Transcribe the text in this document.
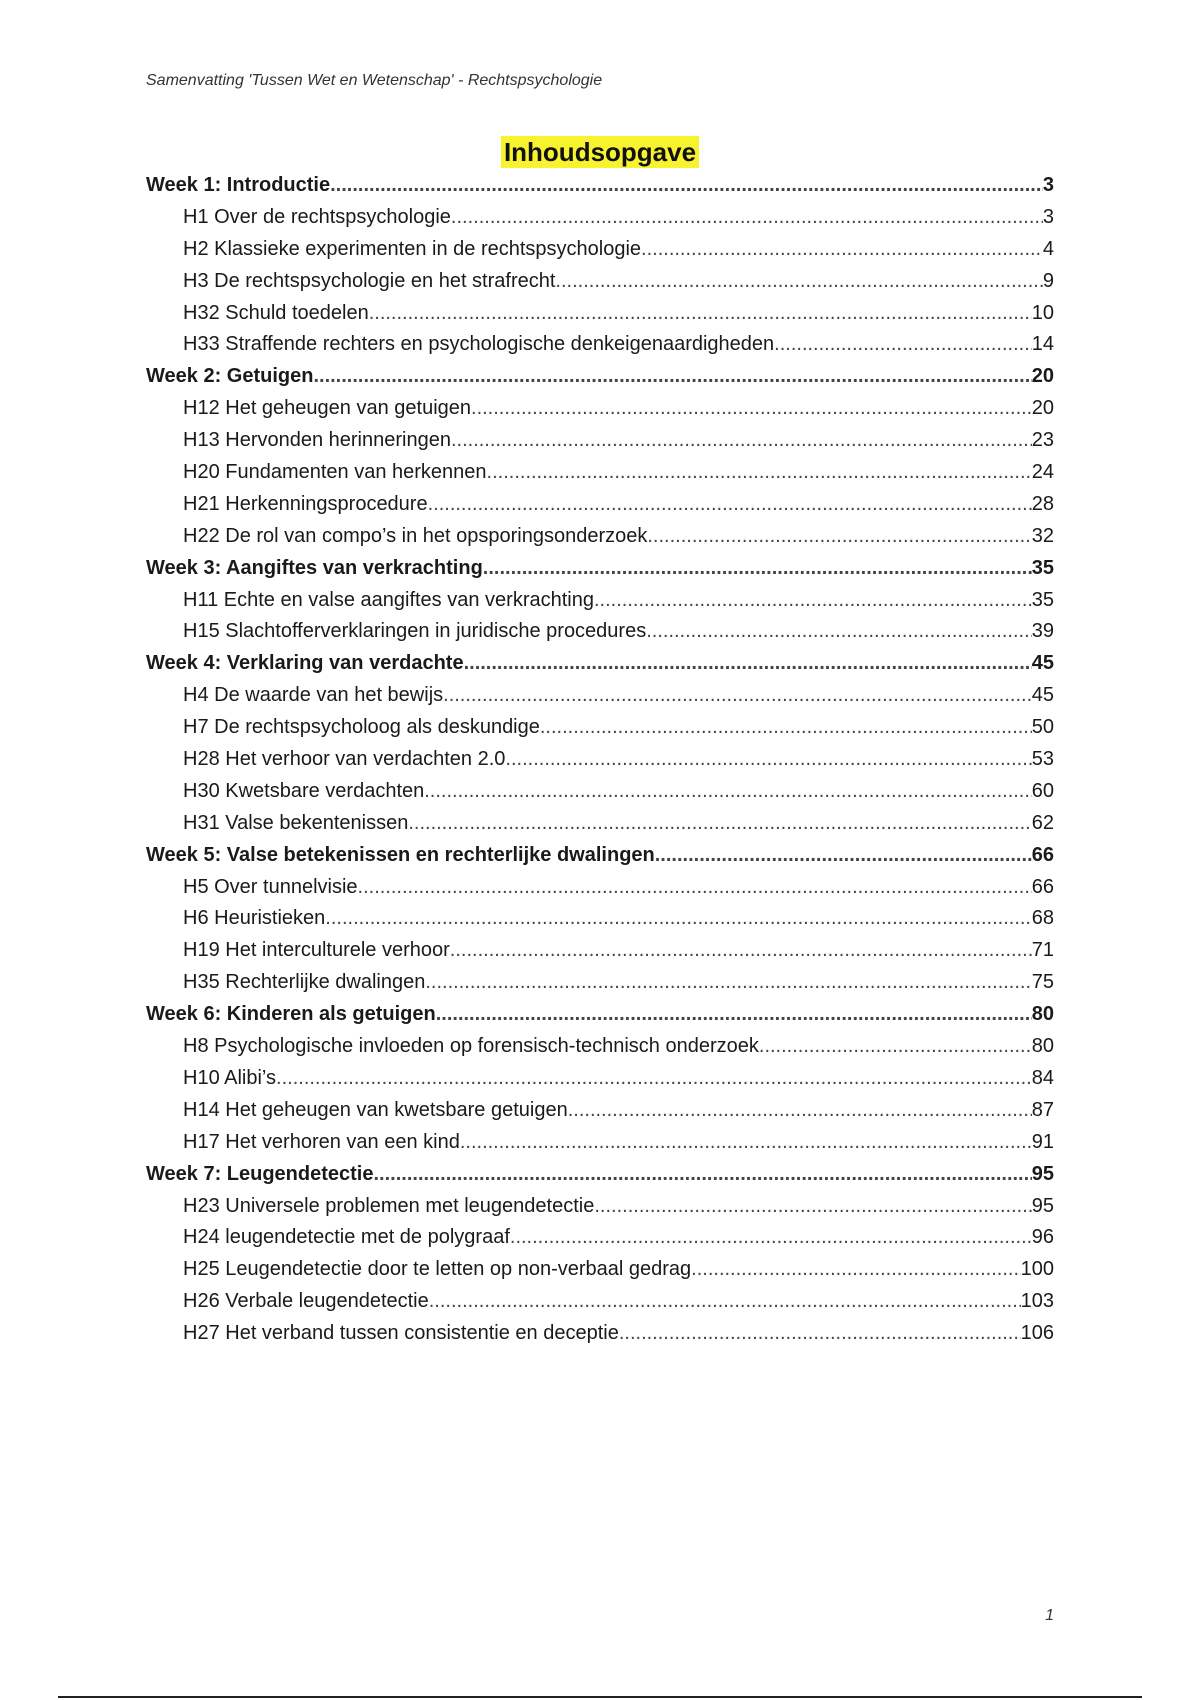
Samenvatting 'Tussen Wet en Wetenschap' - Rechtspsychologie
Inhoudsopgave
Week 1: Introductie .....	3
H1 Over de rechtspsychologie .....	3
H2 Klassieke experimenten in de rechtspsychologie .....	4
H3 De rechtspsychologie en het strafrecht .....	9
H32 Schuld toedelen .....	10
H33 Straffende rechters en psychologische denkeigenaardigheden .....	14
Week 2: Getuigen .....	20
H12 Het geheugen van getuigen .....	20
H13 Hervonden herinneringen .....	23
H20 Fundamenten van herkennen .....	24
H21 Herkenningsprocedure .....	28
H22 De rol van compo’s in het opsporingsonderzoek .....	32
Week 3: Aangiftes van verkrachting .....	35
H11 Echte en valse aangiftes van verkrachting .....	35
H15 Slachtofferverklaringen in juridische procedures .....	39
Week 4: Verklaring van verdachte .....	45
H4 De waarde van het bewijs .....	45
H7 De rechtspsycholoog als deskundige .....	50
H28 Het verhoor van verdachten 2.0 .....	53
H30 Kwetsbare verdachten .....	60
H31 Valse bekentenissen .....	62
Week 5: Valse betekenissen en rechterlijke dwalingen .....	66
H5 Over tunnelvisie .....	66
H6 Heuristieken .....	68
H19 Het interculturele verhoor .....	71
H35 Rechterlijke dwalingen .....	75
Week 6: Kinderen als getuigen .....	80
H8 Psychologische invloeden op forensisch-technisch onderzoek .....	80
H10 Alibi’s .....	84
H14 Het geheugen van kwetsbare getuigen .....	87
H17 Het verhoren van een kind .....	91
Week 7: Leugendetectie .....	95
H23 Universele problemen met leugendetectie .....	95
H24 leugendetectie met de polygraaf .....	96
H25 Leugendetectie door te letten op non-verbaal gedrag .....	100
H26 Verbale leugendetectie .....	103
H27 Het verband tussen consistentie en deceptie .....	106
1
